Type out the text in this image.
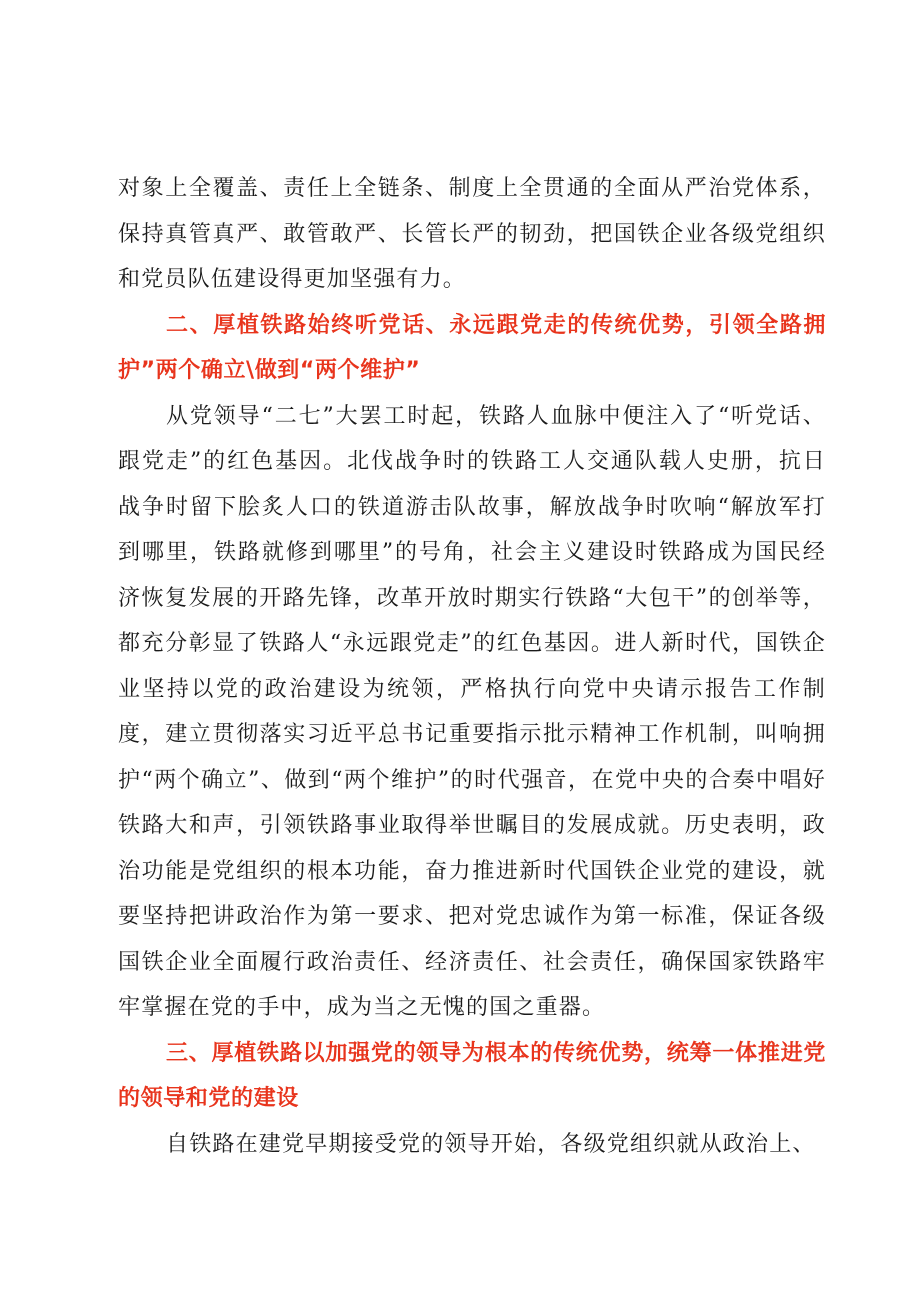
对象上全覆盖、责任上全链条、制度上全贯通的全面从严治党体系，保持真管真严、敢管敢严、长管长严的韧劲，把国铁企业各级党组织和党员队伍建设得更加坚强有力。

二、厚植铁路始终听党话、永远跟党走的传统优势，引领全路拥护”两个确立\做到“两个维护”

从党领导“二七”大罢工时起，铁路人血脉中便注入了“听党话、跟党走”的红色基因。北伐战争时的铁路工人交通队载人史册，抗日战争时留下脍炙人口的铁道游击队故事，解放战争时吹响“解放军打到哪里，铁路就修到哪里”的号角，社会主义建设时铁路成为国民经济恢复发展的开路先锋，改革开放时期实行铁路“大包干”的创举等，都充分彰显了铁路人“永远跟党走”的红色基因。进人新时代，国铁企业坚持以党的政治建设为统领，严格执行向党中央请示报告工作制度，建立贯彻落实习近平总书记重要指示批示精神工作机制，叫响拥护“两个确立”、做到“两个维护”的时代强音，在党中央的合奏中唱好铁路大和声，引领铁路事业取得举世瞩目的发展成就。历史表明，政治功能是党组织的根本功能，奋力推进新时代国铁企业党的建设，就要坚持把讲政治作为第一要求、把对党忠诚作为第一标准，保证各级国铁企业全面履行政治责任、经济责任、社会责任，确保国家铁路牢牢掌握在党的手中，成为当之无愧的国之重器。

三、厚植铁路以加强党的领导为根本的传统优势，统筹一体推进党的领导和党的建设

自铁路在建党早期接受党的领导开始，各级党组织就从政治上、
